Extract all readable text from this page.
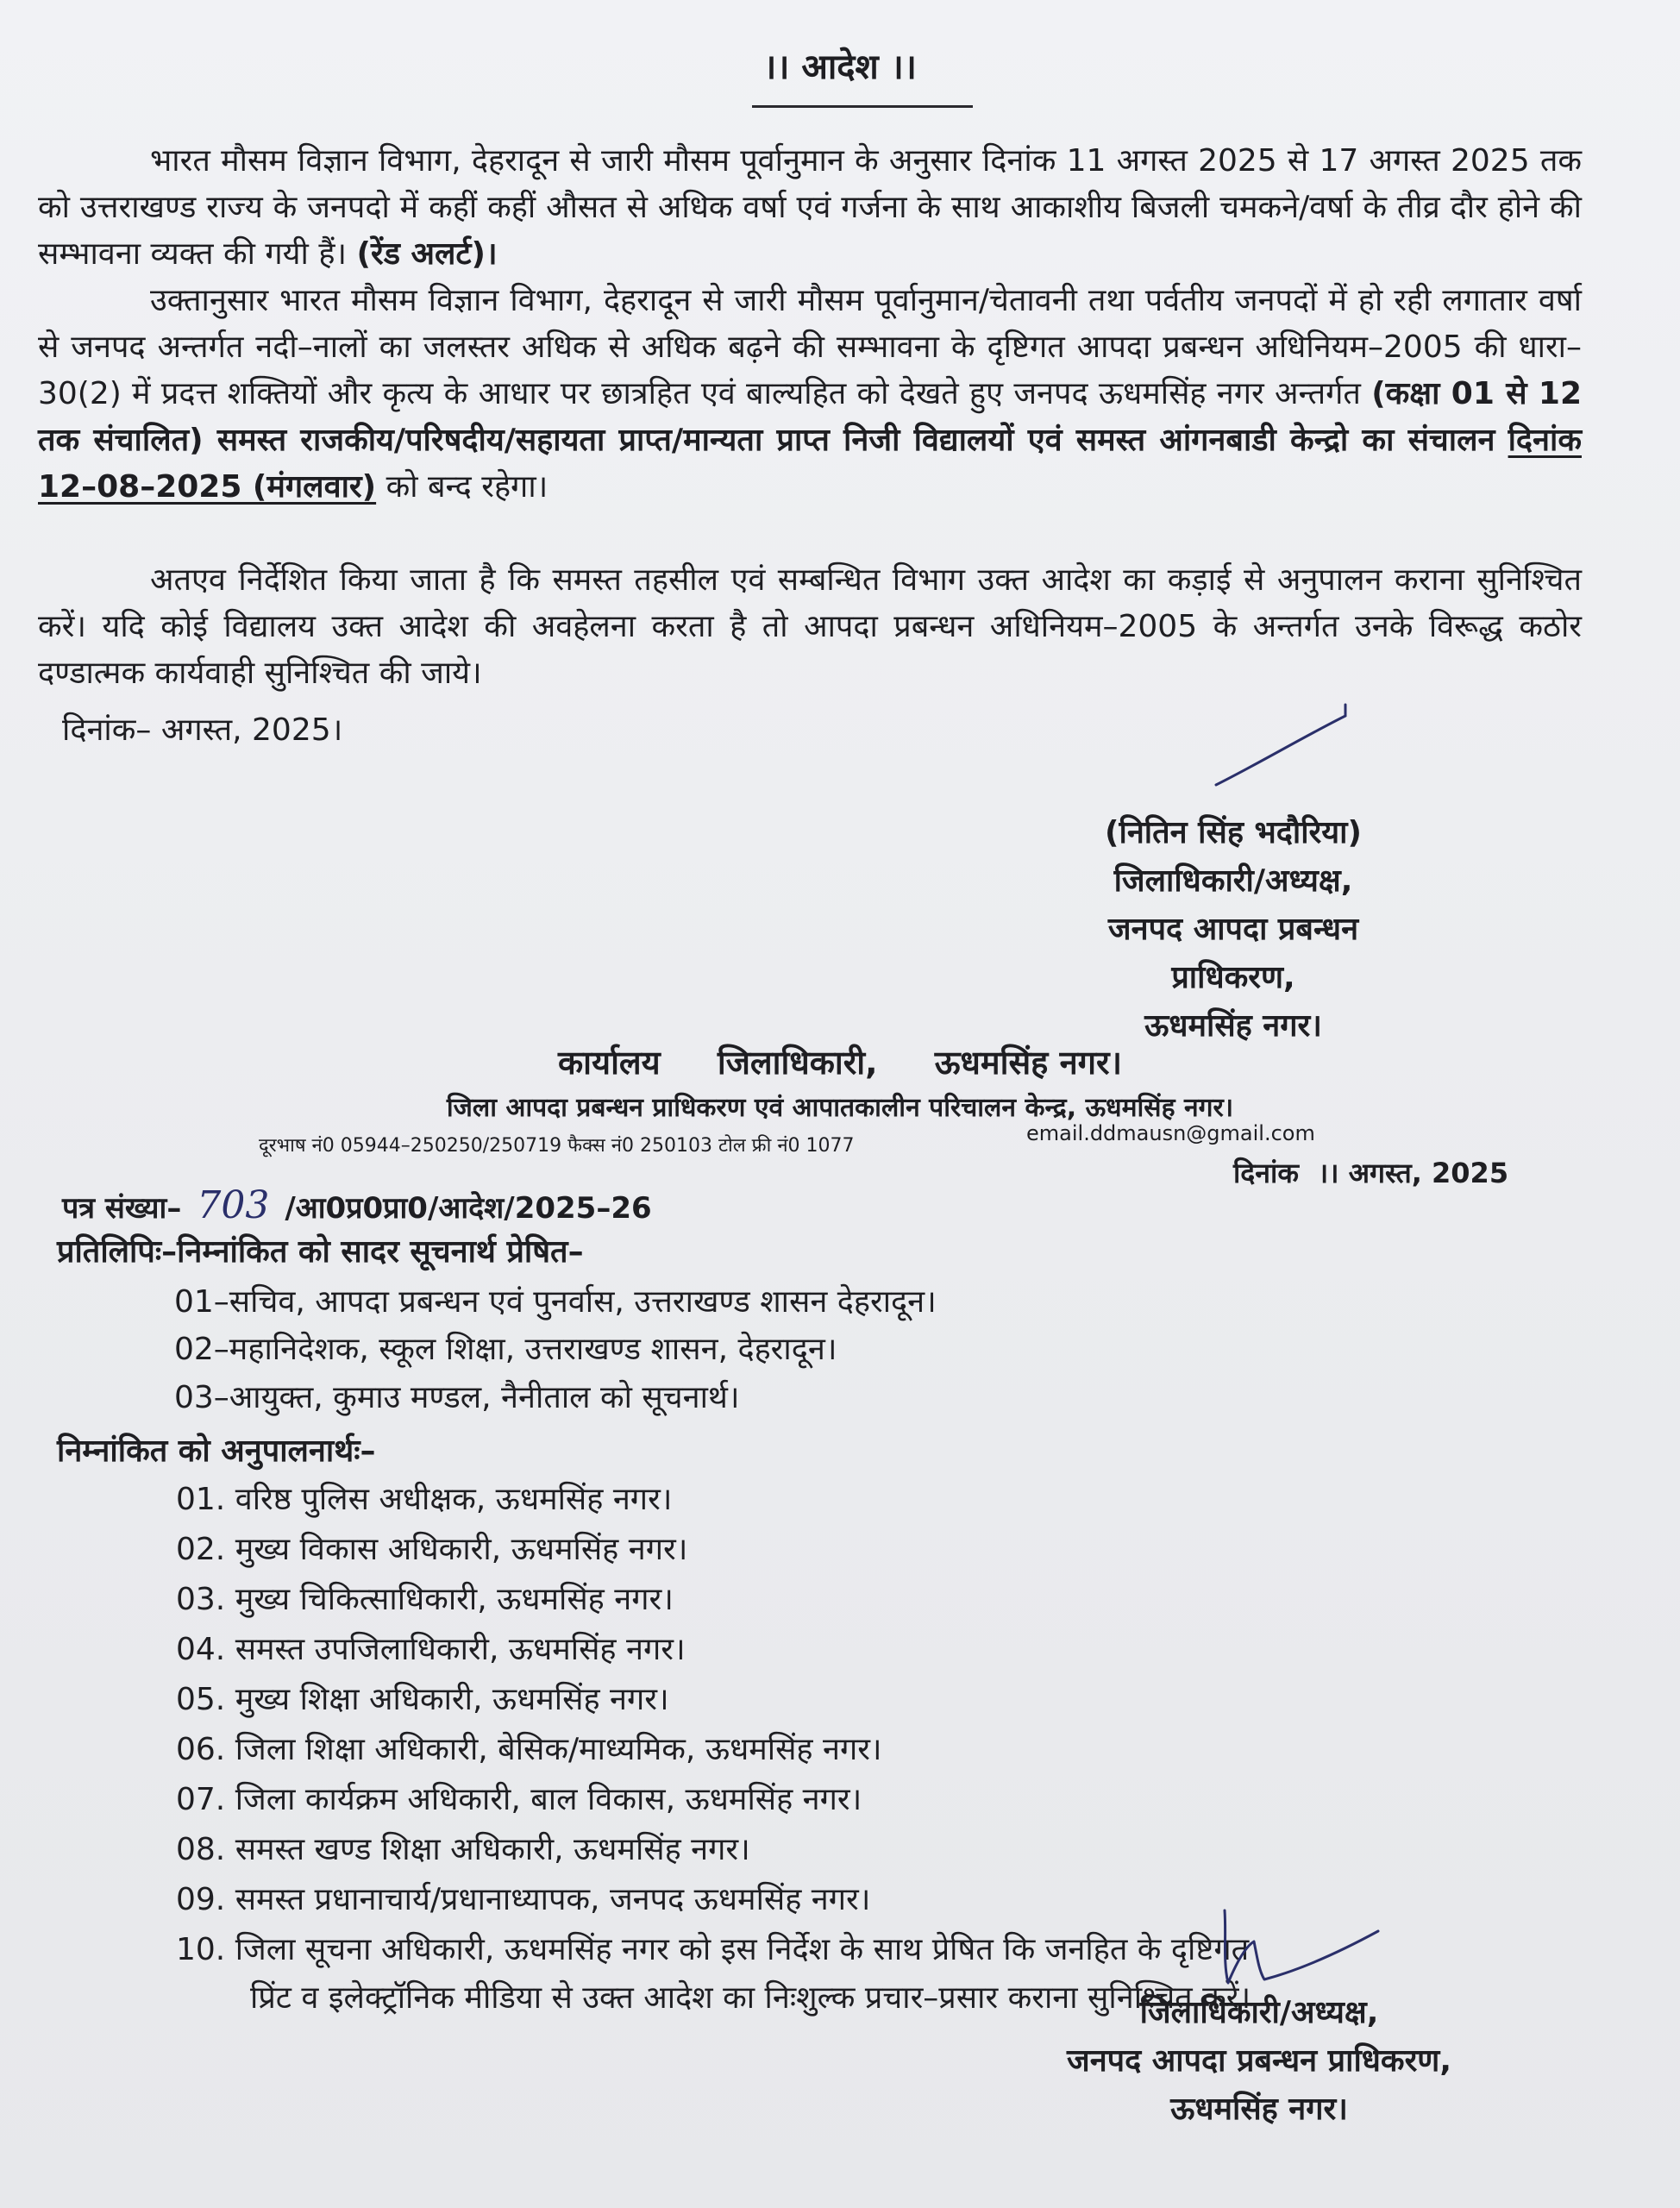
।। आदेश ।।
भारत मौसम विज्ञान विभाग, देहरादून से जारी मौसम पूर्वानुमान के अनुसार दिनांक 11 अगस्त 2025 से 17 अगस्त 2025 तक को उत्तराखण्ड राज्य के जनपदो में कहीं कहीं औसत से अधिक वर्षा एवं गर्जना के साथ आकाशीय बिजली चमकने/वर्षा के तीव्र दौर होने की सम्भावना व्यक्त की गयी हैं। (रेंड अलर्ट)।
उक्तानुसार भारत मौसम विज्ञान विभाग, देहरादून से जारी मौसम पूर्वानुमान/चेतावनी तथा पर्वतीय जनपदों में हो रही लगातार वर्षा से जनपद अन्तर्गत नदी–नालों का जलस्तर अधिक से अधिक बढ़ने की सम्भावना के दृष्टिगत आपदा प्रबन्धन अधिनियम–2005 की धारा–30(2) में प्रदत्त शक्तियों और कृत्य के आधार पर छात्रहित एवं बाल्यहित को देखते हुए जनपद ऊधमसिंह नगर अन्तर्गत (कक्षा 01 से 12 तक संचालित) समस्त राजकीय/परिषदीय/सहायता प्राप्त/मान्यता प्राप्त निजी विद्यालयों एवं समस्त आंगनबाडी केन्द्रो का संचालन दिनांक 12–08–2025 (मंगलवार) को बन्द रहेगा।
अतएव निर्देशित किया जाता है कि समस्त तहसील एवं सम्बन्धित विभाग उक्त आदेश का कड़ाई से अनुपालन कराना सुनिश्चित करें। यदि कोई विद्यालय उक्त आदेश की अवहेलना करता है तो आपदा प्रबन्धन अधिनियम–2005 के अन्तर्गत उनके विरूद्ध कठोर दण्डात्मक कार्यवाही सुनिश्चित की जाये।
दिनांक– अगस्त, 2025।
(नितिन सिंह भदौरिया)
जिलाधिकारी/अध्यक्ष,
जनपद आपदा प्रबन्धन प्राधिकरण,
ऊधमसिंह नगर।
कार्यालय     जिलाधिकारी,     ऊधमसिंह नगर।
जिला आपदा प्रबन्धन प्राधिकरण एवं आपातकालीन परिचालन केन्द्र, ऊधमसिंह नगर।
दूरभाष नं0 05944–250250/250719 फैक्स नं0 250103 टोल फ्री नं0 1077
email.ddmausn@gmail.com
दिनांक  ।। अगस्त, 2025
पत्र संख्या– 703 /आ0प्र0प्रा0/आदेश/2025–26
प्रतिलिपिः–निम्नांकित को सादर सूचनार्थ प्रेषित–
01–सचिव, आपदा प्रबन्धन एवं पुनर्वास, उत्तराखण्ड शासन देहरादून।
02–महानिदेशक, स्कूल शिक्षा, उत्तराखण्ड शासन, देहरादून।
03–आयुक्त, कुमाउ मण्डल, नैनीताल को सूचनार्थ।
निम्नांकित को अनुपालनार्थः–
01. वरिष्ठ पुलिस अधीक्षक, ऊधमसिंह नगर।
02. मुख्य विकास अधिकारी, ऊधमसिंह नगर।
03. मुख्य चिकित्साधिकारी, ऊधमसिंह नगर।
04. समस्त उपजिलाधिकारी, ऊधमसिंह नगर।
05. मुख्य शिक्षा अधिकारी, ऊधमसिंह नगर।
06. जिला शिक्षा अधिकारी, बेसिक/माध्यमिक, ऊधमसिंह नगर।
07. जिला कार्यक्रम अधिकारी, बाल विकास, ऊधमसिंह नगर।
08. समस्त खण्ड शिक्षा अधिकारी, ऊधमसिंह नगर।
09. समस्त प्रधानाचार्य/प्रधानाध्यापक, जनपद ऊधमसिंह नगर।
10. जिला सूचना अधिकारी, ऊधमसिंह नगर को इस निर्देश के साथ प्रेषित कि जनहित के दृष्टिगत
प्रिंट व इलेक्ट्रॉनिक मीडिया से उक्त आदेश का निःशुल्क प्रचार–प्रसार कराना सुनिश्चित करें।
जिलाधिकारी/अध्यक्ष,
जनपद आपदा प्रबन्धन प्राधिकरण,
ऊधमसिंह नगर।
